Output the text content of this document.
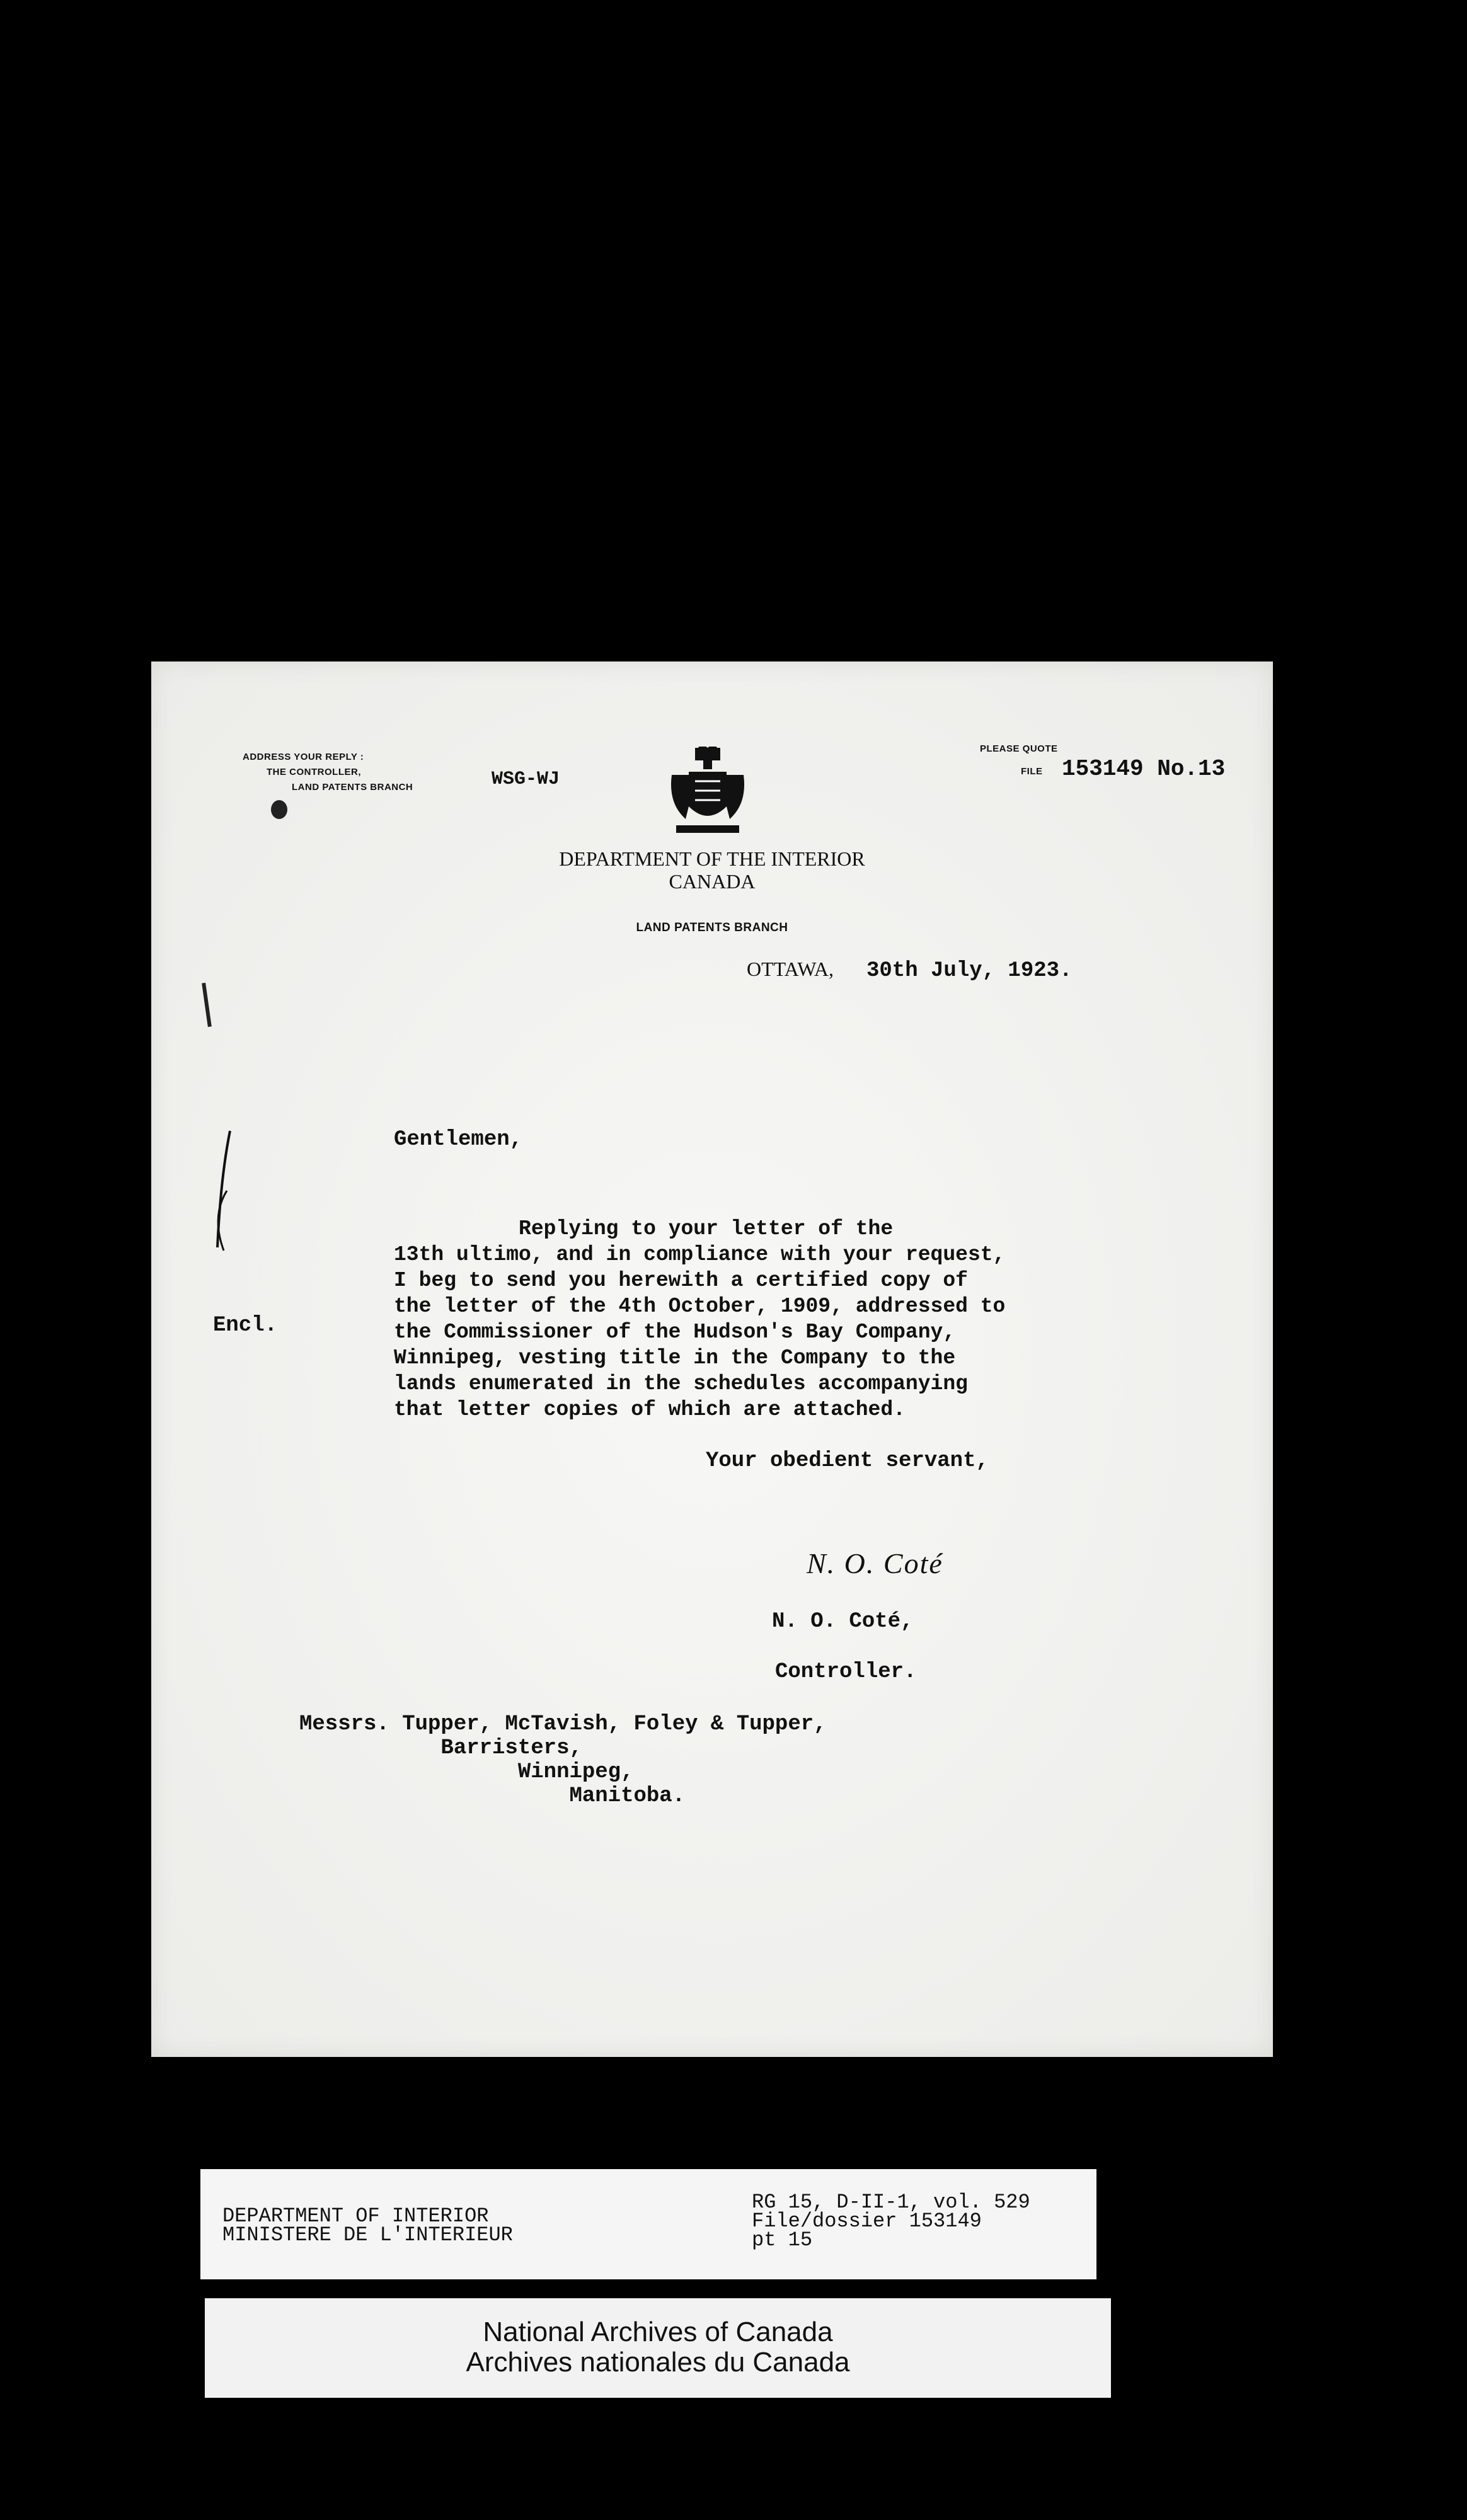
ADDRESS YOUR REPLY :
THE CONTROLLER,
LAND PATENTS BRANCH	WSG-WJ
PLEASE QUOTE
FILE 153149 No.13
DEPARTMENT OF THE INTERIOR
CANADA
LAND PATENTS BRANCH
OTTAWA, 30th July, 1923.
Gentlemen,
Replying to your letter of the
13th ultimo, and in compliance with your request,
I beg to send you herewith a certified copy of
the letter of the 4th October, 1909, addressed to
the Commissioner of the Hudson's Bay Company,
Winnipeg, vesting title in the Company to the
lands enumerated in the schedules accompanying
that letter copies of which are attached.
Encl.
Your obedient servant,
N. O. Coté
N. O. Coté,
Controller.
Messrs. Tupper, McTavish, Foley & Tupper,
Barristers,
Winnipeg,
Manitoba.
DEPARTMENT OF INTERIOR
MINISTERE DE L'INTERIEUR
RG 15, D-II-1, vol. 529
File/dossier 153149
pt 15
National Archives of Canada
Archives nationales du Canada
